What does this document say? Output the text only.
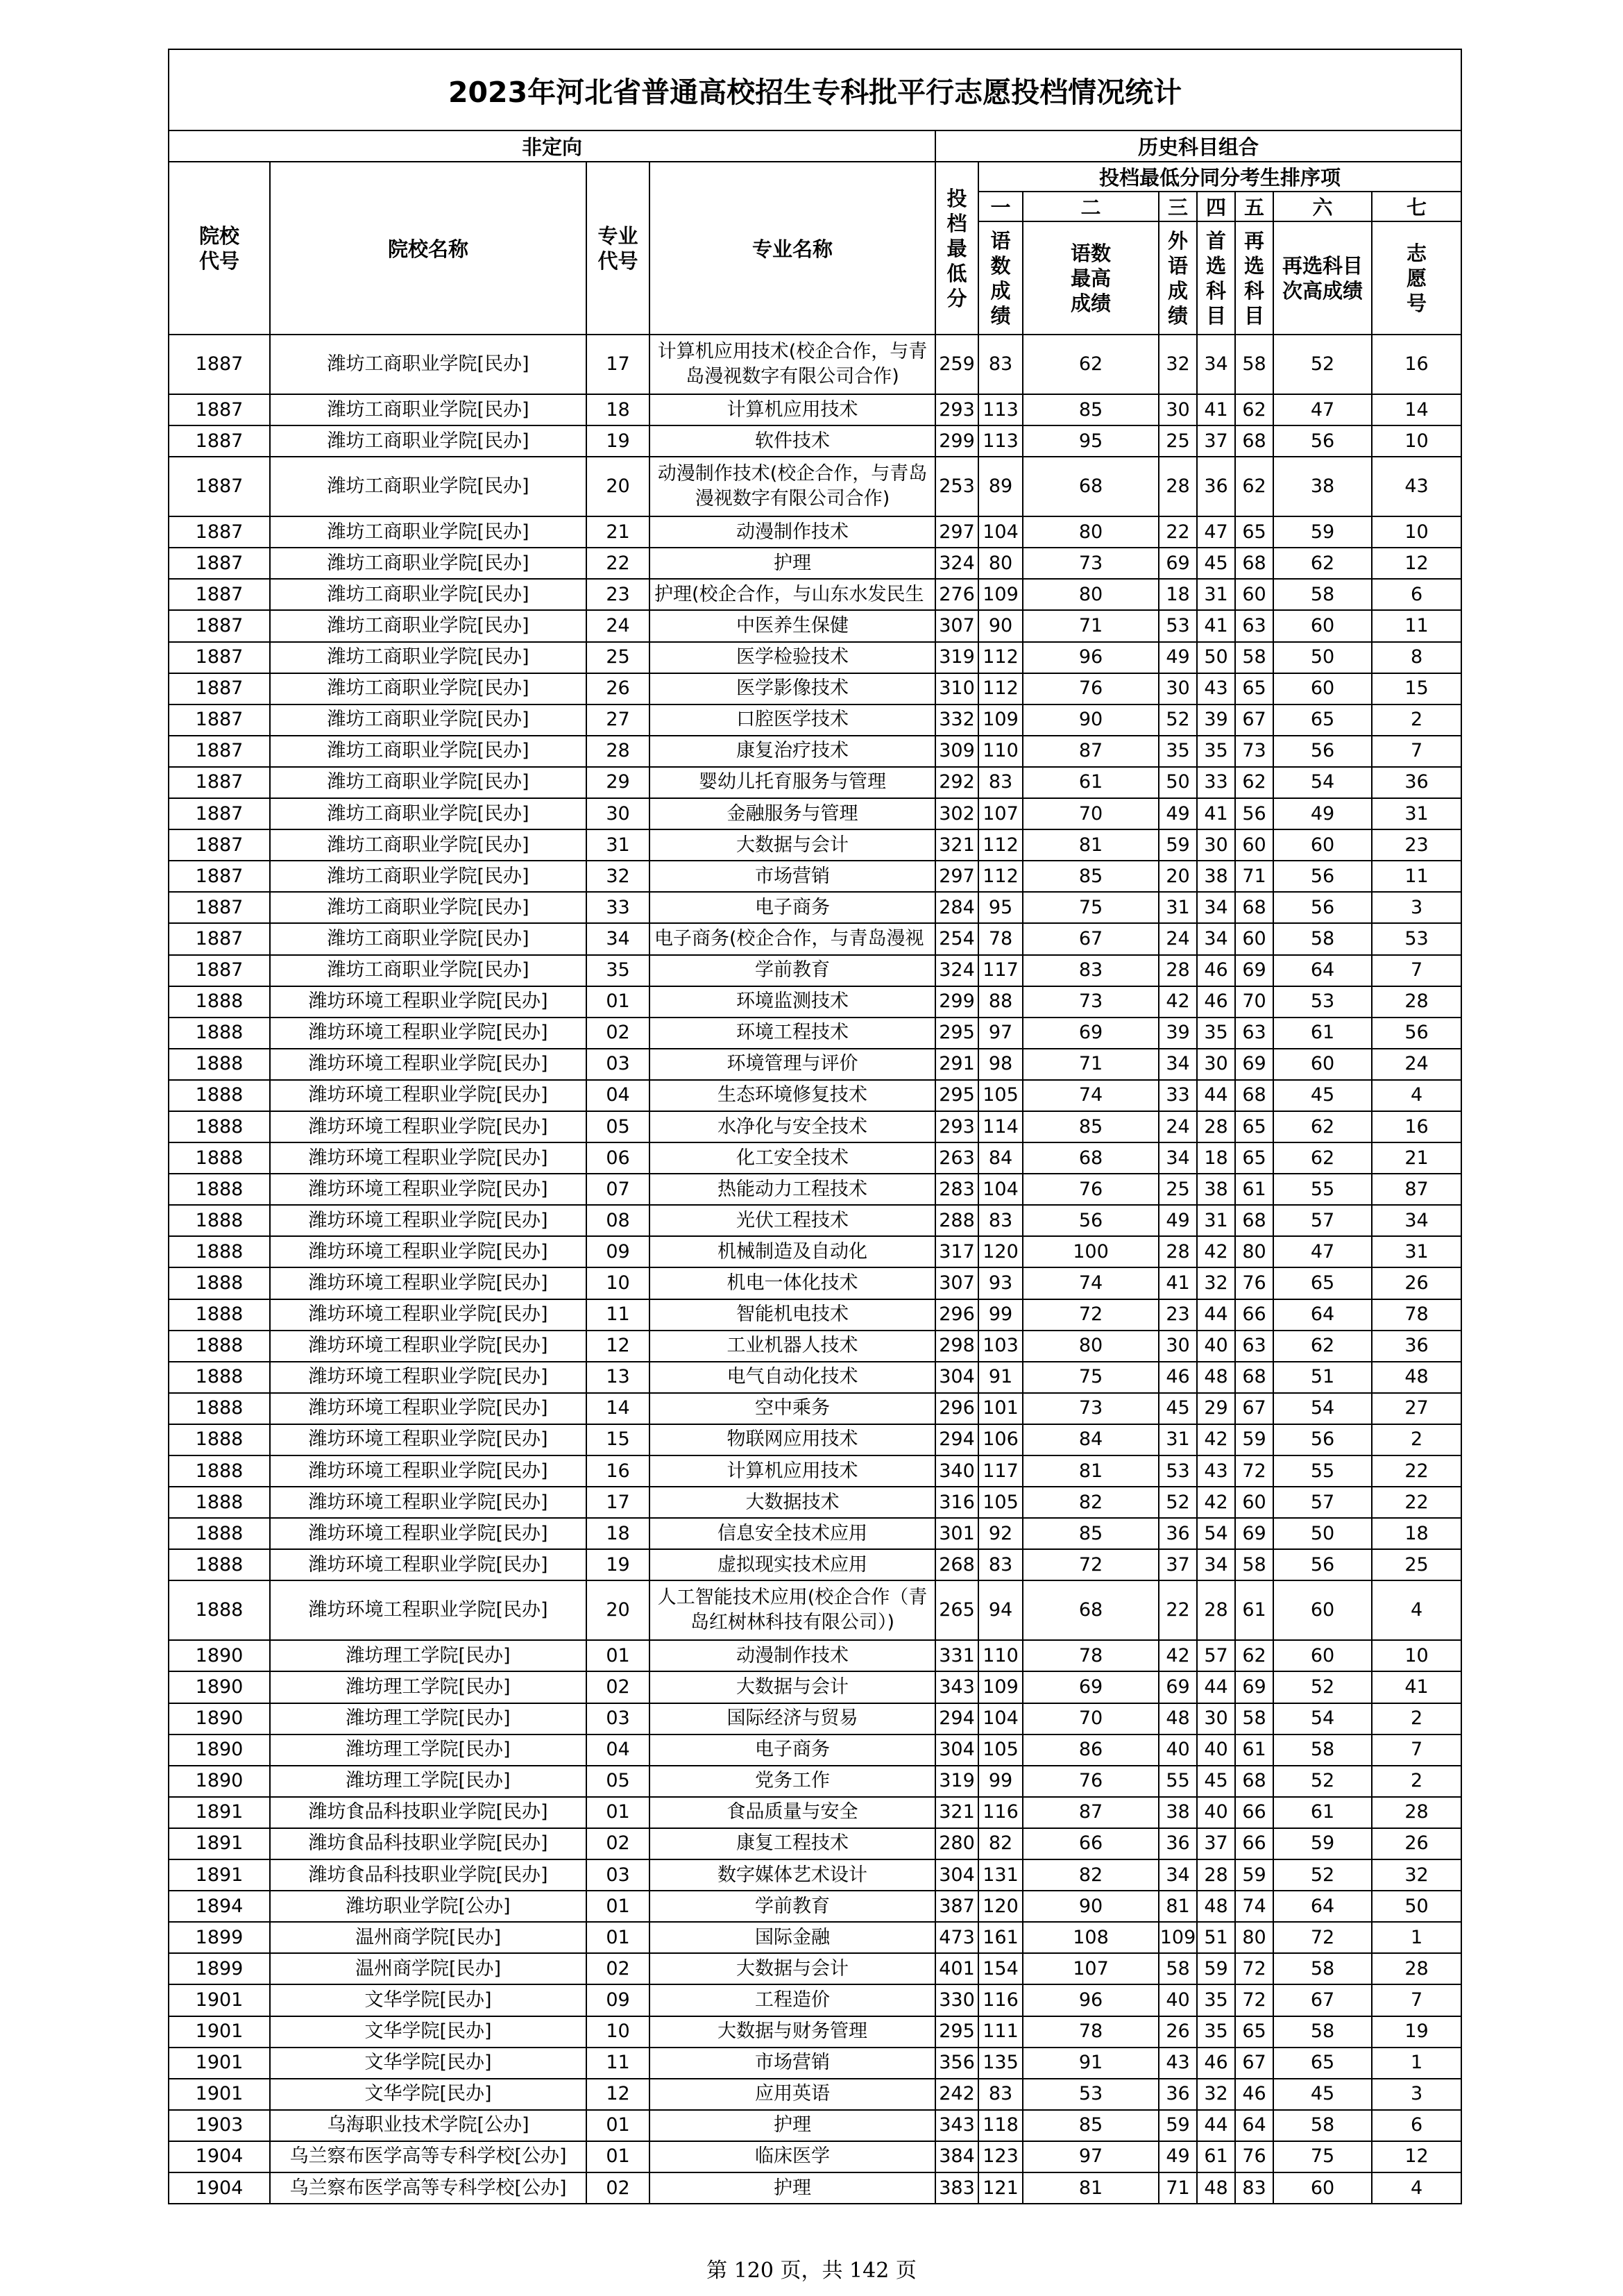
2023年河北省普通高校招生专科批平行志愿投档情况统计											
非定向				历史科目组合							
院校代号	院校名称	专业代号	专业名称	投档最低分	投档最低分同分考生排序项						
					一	二	三	四	五	六	七
					语数成绩	语数最高成绩	外语成绩	首选科目	再选科目	再选科目次高成绩	志愿号

1887	潍坊工商职业学院[民办]	17	计算机应用技术(校企合作，与青岛漫视数字有限公司合作)	259	83	62	32	34	58	52	16
1887	潍坊工商职业学院[民办]	18	计算机应用技术	293	113	85	30	41	62	47	14
1887	潍坊工商职业学院[民办]	19	软件技术	299	113	95	25	37	68	56	10
1887	潍坊工商职业学院[民办]	20	动漫制作技术(校企合作，与青岛漫视数字有限公司合作)	253	89	68	28	36	62	38	43
1887	潍坊工商职业学院[民办]	21	动漫制作技术	297	104	80	22	47	65	59	10
1887	潍坊工商职业学院[民办]	22	护理	324	80	73	69	45	68	62	12
1887	潍坊工商职业学院[民办]	23	护理(校企合作，与山东水发民生	276	109	80	18	31	60	58	6
1887	潍坊工商职业学院[民办]	24	中医养生保健	307	90	71	53	41	63	60	11
1887	潍坊工商职业学院[民办]	25	医学检验技术	319	112	96	49	50	58	50	8
1887	潍坊工商职业学院[民办]	26	医学影像技术	310	112	76	30	43	65	60	15
1887	潍坊工商职业学院[民办]	27	口腔医学技术	332	109	90	52	39	67	65	2
1887	潍坊工商职业学院[民办]	28	康复治疗技术	309	110	87	35	35	73	56	7
1887	潍坊工商职业学院[民办]	29	婴幼儿托育服务与管理	292	83	61	50	33	62	54	36
1887	潍坊工商职业学院[民办]	30	金融服务与管理	302	107	70	49	41	56	49	31
1887	潍坊工商职业学院[民办]	31	大数据与会计	321	112	81	59	30	60	60	23
1887	潍坊工商职业学院[民办]	32	市场营销	297	112	85	20	38	71	56	11
1887	潍坊工商职业学院[民办]	33	电子商务	284	95	75	31	34	68	56	3
1887	潍坊工商职业学院[民办]	34	电子商务(校企合作，与青岛漫视	254	78	67	24	34	60	58	53
1887	潍坊工商职业学院[民办]	35	学前教育	324	117	83	28	46	69	64	7
1888	潍坊环境工程职业学院[民办]	01	环境监测技术	299	88	73	42	46	70	53	28
1888	潍坊环境工程职业学院[民办]	02	环境工程技术	295	97	69	39	35	63	61	56
1888	潍坊环境工程职业学院[民办]	03	环境管理与评价	291	98	71	34	30	69	60	24
1888	潍坊环境工程职业学院[民办]	04	生态环境修复技术	295	105	74	33	44	68	45	4
1888	潍坊环境工程职业学院[民办]	05	水净化与安全技术	293	114	85	24	28	65	62	16
1888	潍坊环境工程职业学院[民办]	06	化工安全技术	263	84	68	34	18	65	62	21
1888	潍坊环境工程职业学院[民办]	07	热能动力工程技术	283	104	76	25	38	61	55	87
1888	潍坊环境工程职业学院[民办]	08	光伏工程技术	288	83	56	49	31	68	57	34
1888	潍坊环境工程职业学院[民办]	09	机械制造及自动化	317	120	100	28	42	80	47	31
1888	潍坊环境工程职业学院[民办]	10	机电一体化技术	307	93	74	41	32	76	65	26
1888	潍坊环境工程职业学院[民办]	11	智能机电技术	296	99	72	23	44	66	64	78
1888	潍坊环境工程职业学院[民办]	12	工业机器人技术	298	103	80	30	40	63	62	36
1888	潍坊环境工程职业学院[民办]	13	电气自动化技术	304	91	75	46	48	68	51	48
1888	潍坊环境工程职业学院[民办]	14	空中乘务	296	101	73	45	29	67	54	27
1888	潍坊环境工程职业学院[民办]	15	物联网应用技术	294	106	84	31	42	59	56	2
1888	潍坊环境工程职业学院[民办]	16	计算机应用技术	340	117	81	53	43	72	55	22
1888	潍坊环境工程职业学院[民办]	17	大数据技术	316	105	82	52	42	60	57	22
1888	潍坊环境工程职业学院[民办]	18	信息安全技术应用	301	92	85	36	54	69	50	18
1888	潍坊环境工程职业学院[民办]	19	虚拟现实技术应用	268	83	72	37	34	58	56	25
1888	潍坊环境工程职业学院[民办]	20	人工智能技术应用(校企合作（青岛红树林科技有限公司）)	265	94	68	22	28	61	60	4
1890	潍坊理工学院[民办]	01	动漫制作技术	331	110	78	42	57	62	60	10
1890	潍坊理工学院[民办]	02	大数据与会计	343	109	69	69	44	69	52	41
1890	潍坊理工学院[民办]	03	国际经济与贸易	294	104	70	48	30	58	54	2
1890	潍坊理工学院[民办]	04	电子商务	304	105	86	40	40	61	58	7
1890	潍坊理工学院[民办]	05	党务工作	319	99	76	55	45	68	52	2
1891	潍坊食品科技职业学院[民办]	01	食品质量与安全	321	116	87	38	40	66	61	28
1891	潍坊食品科技职业学院[民办]	02	康复工程技术	280	82	66	36	37	66	59	26
1891	潍坊食品科技职业学院[民办]	03	数字媒体艺术设计	304	131	82	34	28	59	52	32
1894	潍坊职业学院[公办]	01	学前教育	387	120	90	81	48	74	64	50
1899	温州商学院[民办]	01	国际金融	473	161	108	109	51	80	72	1
1899	温州商学院[民办]	02	大数据与会计	401	154	107	58	59	72	58	28
1901	文华学院[民办]	09	工程造价	330	116	96	40	35	72	67	7
1901	文华学院[民办]	10	大数据与财务管理	295	111	78	26	35	65	58	19
1901	文华学院[民办]	11	市场营销	356	135	91	43	46	67	65	1
1901	文华学院[民办]	12	应用英语	242	83	53	36	32	46	45	3
1903	乌海职业技术学院[公办]	01	护理	343	118	85	59	44	64	58	6
1904	乌兰察布医学高等专科学校[公办]	01	临床医学	384	123	97	49	61	76	75	12
1904	乌兰察布医学高等专科学校[公办]	02	护理	383	121	81	71	48	83	60	4
第 120 页，共 142 页
